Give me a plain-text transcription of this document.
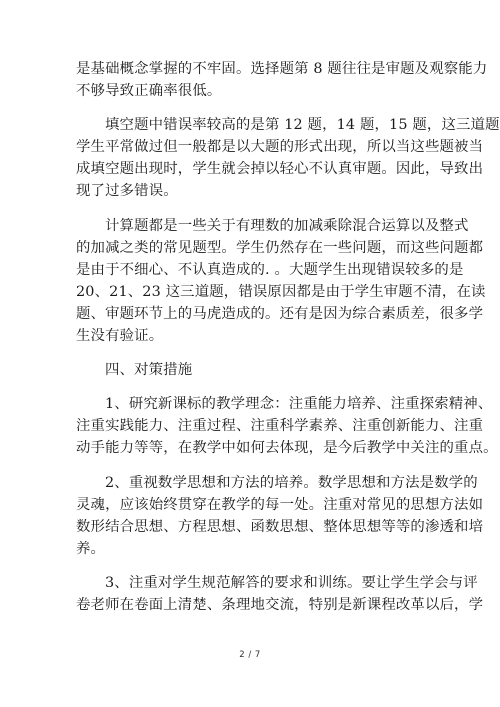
是基础概念掌握的不牢固。选择题第 8 题往往是审题及观察能力
不够导致正确率很低。

填空题中错误率较高的是第 12 题，14 题，15 题，这三道题
学生平常做过但一般都是以大题的形式出现，所以当这些题被当
成填空题出现时，学生就会掉以轻心不认真审题。因此，导致出
现了过多错误。

计算题都是一些关于有理数的加减乘除混合运算以及整式
的加减之类的常见题型。学生仍然存在一些问题，而这些问题都
是由于不细心、不认真造成的. 。大题学生出现错误较多的是
20、21、23 这三道题，错误原因都是由于学生审题不清，在读
题、审题环节上的马虎造成的。还有是因为综合素质差，很多学
生没有验证。

四、对策措施

1、研究新课标的教学理念：注重能力培养、注重探索精神、
注重实践能力、注重过程、注重科学素养、注重创新能力、注重
动手能力等等，在教学中如何去体现，是今后教学中关注的重点。

2、重视数学思想和方法的培养。数学思想和方法是数学的
灵魂，应该始终贯穿在教学的每一处。注重对常见的思想方法如
数形结合思想、方程思想、函数思想、整体思想等等的渗透和培
养。

3、注重对学生规范解答的要求和训练。要让学生学会与评
卷老师在卷面上清楚、条理地交流，特别是新课程改革以后，学

2 / 7
